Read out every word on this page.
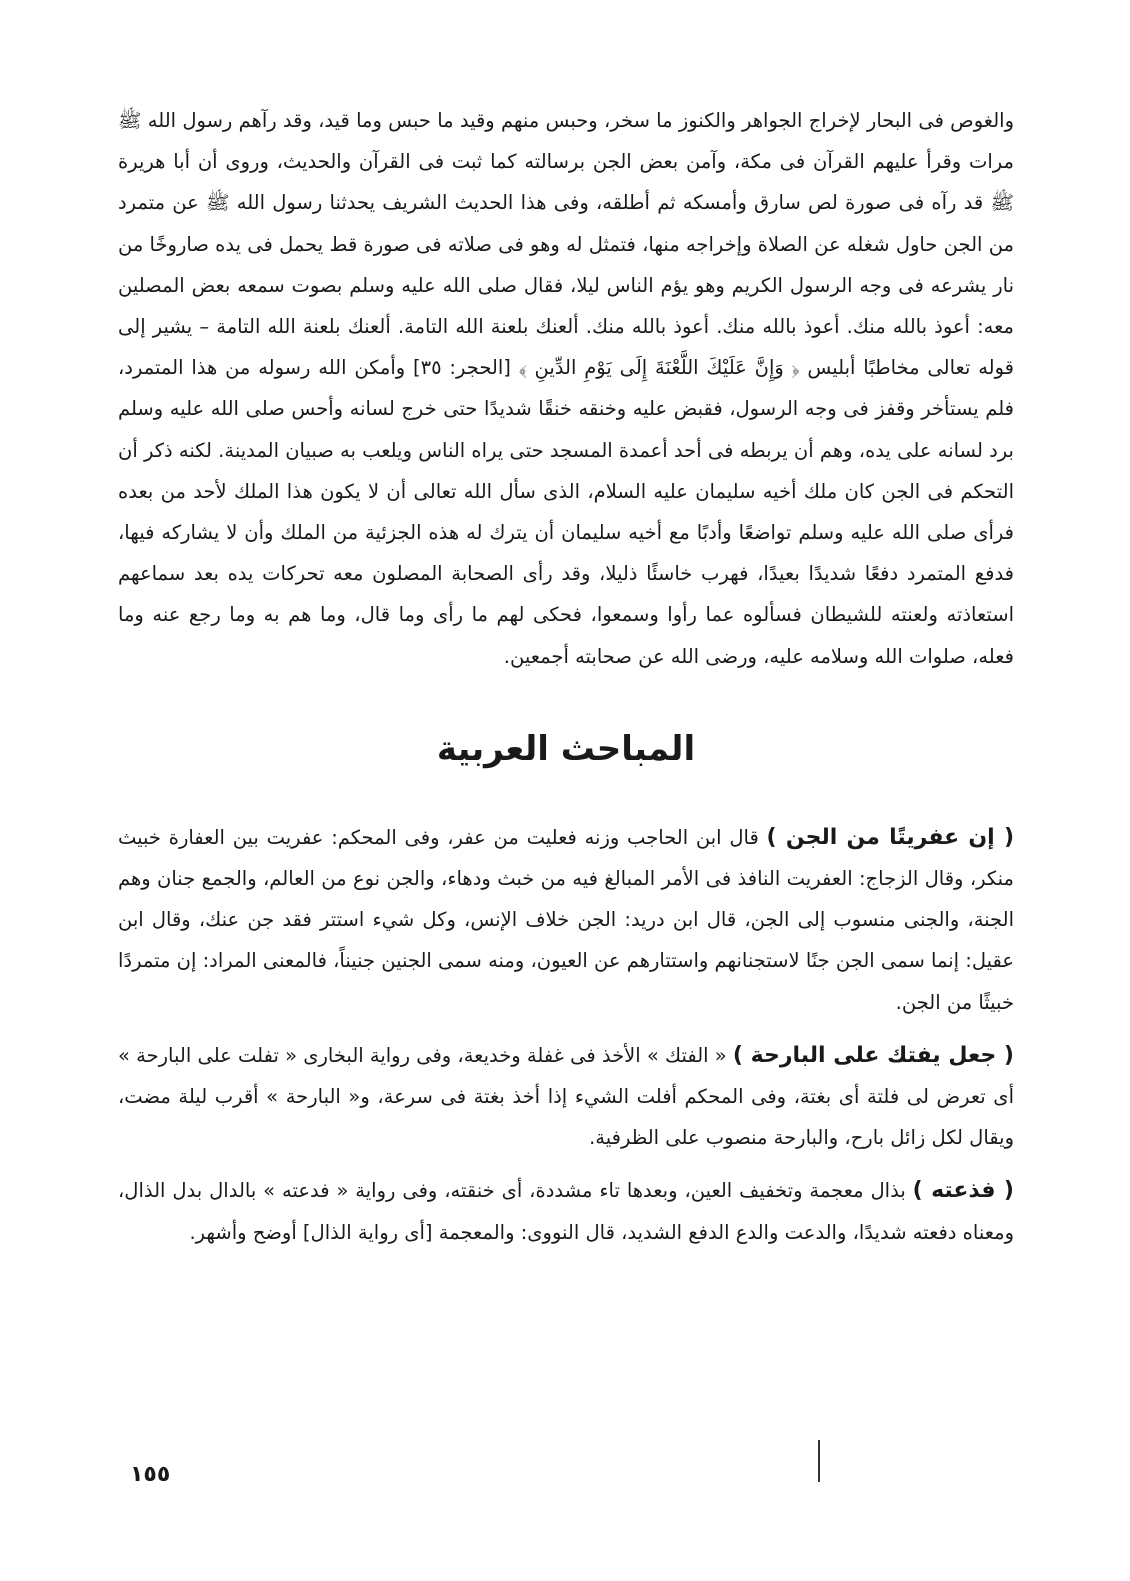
والغوص فى البحار لإخراج الجواهر والكنوز ما سخر، وحبس منهم وقيد ما حبس وما قيد، وقد رآهم رسول الله ﷺ مرات وقرأ عليهم القرآن فى مكة، وآمن بعض الجن برسالته كما ثبت فى القرآن والحديث، وروى أن أبا هريرة ﷺ قد رآه فى صورة لص سارق وأمسكه ثم أطلقه، وفى هذا الحديث الشريف يحدثنا رسول الله ﷺ عن متمرد من الجن حاول شغله عن الصلاة وإخراجه منها، فتمثل له وهو فى صلاته فى صورة قط يحمل فى يده صاروخًا من نار يشرعه فى وجه الرسول الكريم وهو يؤم الناس ليلا، فقال صلى الله عليه وسلم بصوت سمعه بعض المصلين معه: أعوذ بالله منك. أعوذ بالله منك. أعوذ بالله منك. ألعنك بلعنة الله التامة. ألعنك بلعنة الله التامة – يشير إلى قوله تعالى مخاطبًا أبليس ﴿ وَإِنَّ عَلَيْكَ اللَّعْنَةَ إِلَى يَوْمِ الدِّينِ ﴾ [الحجر: ٣٥] وأمكن الله رسوله من هذا المتمرد، فلم يستأخر وقفز فى وجه الرسول، فقبض عليه وخنقه خنقًا شديدًا حتى خرج لسانه وأحس صلى الله عليه وسلم برد لسانه على يده، وهم أن يربطه فى أحد أعمدة المسجد حتى يراه الناس ويلعب به صبيان المدينة. لكنه ذكر أن التحكم فى الجن كان ملك أخيه سليمان عليه السلام، الذى سأل الله تعالى أن لا يكون هذا الملك لأحد من بعده فرأى صلى الله عليه وسلم تواضعًا وأدبًا مع أخيه سليمان أن يترك له هذه الجزئية من الملك وأن لا يشاركه فيها، فدفع المتمرد دفعًا شديدًا بعيدًا، فهرب خاسئًا ذليلا، وقد رأى الصحابة المصلون معه تحركات يده بعد سماعهم استعاذته ولعنته للشيطان فسألوه عما رأوا وسمعوا، فحكى لهم ما رأى وما قال، وما هم به وما رجع عنه وما فعله، صلوات الله وسلامه عليه، ورضى الله عن صحابته أجمعين.

المباحث العربية

( إن عفريتًا من الجن ) قال ابن الحاجب وزنه فعليت من عفر، وفى المحكم: عفريت بين العفارة خبيث منكر، وقال الزجاج: العفريت النافذ فى الأمر المبالغ فيه من خبث ودهاء، والجن نوع من العالم، والجمع جنان وهم الجنة، والجنى منسوب إلى الجن، قال ابن دريد: الجن خلاف الإنس، وكل شيء استتر فقد جن عنك، وقال ابن عقيل: إنما سمى الجن جنًا لاستجنانهم واستتارهم عن العيون، ومنه سمى الجنين جنيناً، فالمعنى المراد: إن متمردًا خبيثًا من الجن.

( جعل يفتك على البارحة ) « الفتك » الأخذ فى غفلة وخديعة، وفى رواية البخارى « تفلت على البارحة » أى تعرض لى فلتة أى بغتة، وفى المحكم أفلت الشيء إذا أخذ بغتة فى سرعة، و« البارحة » أقرب ليلة مضت، ويقال لكل زائل بارح، والبارحة منصوب على الظرفية.

( فذعته ) بذال معجمة وتخفيف العين، وبعدها تاء مشددة، أى خنقته، وفى رواية « فدعته » بالدال بدل الذال، ومعناه دفعته شديدًا، والدعت والدع الدفع الشديد، قال النووى: والمعجمة [أى رواية الذال] أوضح وأشهر.

١٥٥
